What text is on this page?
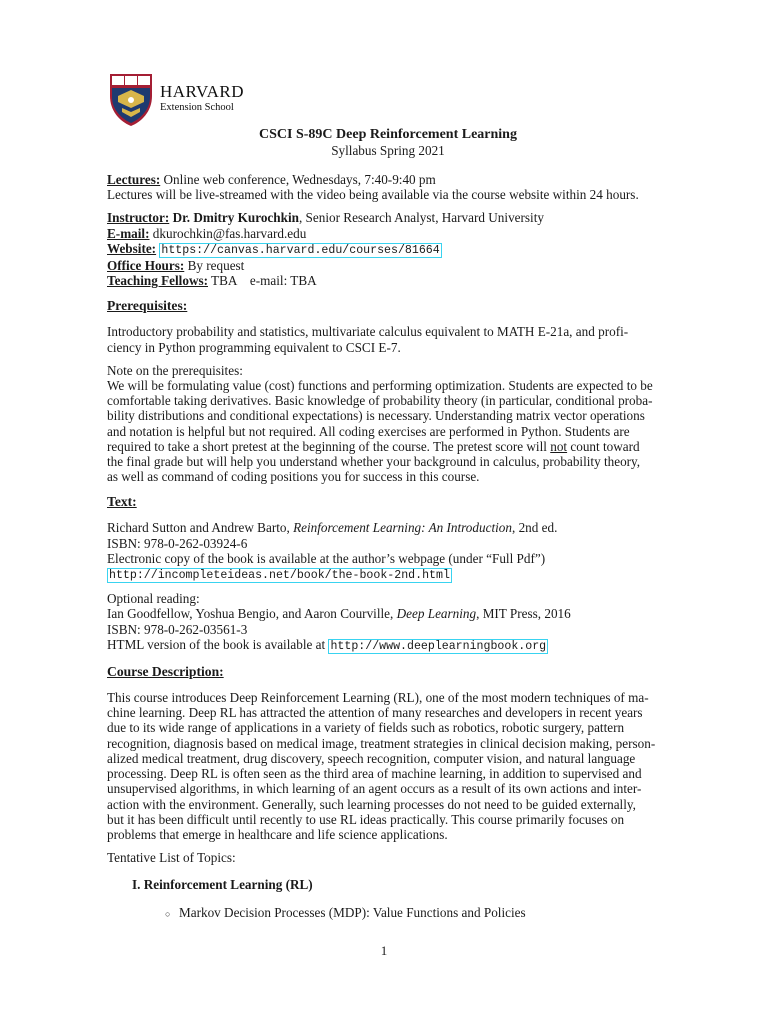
HARVARD
Extension School
CSCI S-89C Deep Reinforcement Learning
Syllabus Spring 2021
Lectures: Online web conference, Wednesdays, 7:40-9:40 pm
Lectures will be live-streamed with the video being available via the course website within 24 hours.
Instructor: Dr. Dmitry Kurochkin, Senior Research Analyst, Harvard University
E-mail: dkurochkin@fas.harvard.edu
Website: https://canvas.harvard.edu/courses/81664
Office Hours: By request
Teaching Fellows: TBA    e-mail: TBA
Prerequisites:
Introductory probability and statistics, multivariate calculus equivalent to MATH E-21a, and profi-
ciency in Python programming equivalent to CSCI E-7.
Note on the prerequisites:
We will be formulating value (cost) functions and performing optimization. Students are expected to be
comfortable taking derivatives. Basic knowledge of probability theory (in particular, conditional proba-
bility distributions and conditional expectations) is necessary. Understanding matrix vector operations
and notation is helpful but not required. All coding exercises are performed in Python. Students are
required to take a short pretest at the beginning of the course. The pretest score will not count toward
the final grade but will help you understand whether your background in calculus, probability theory,
as well as command of coding positions you for success in this course.
Text:
Richard Sutton and Andrew Barto, Reinforcement Learning: An Introduction, 2nd ed.
ISBN: 978-0-262-03924-6
Electronic copy of the book is available at the author’s webpage (under “Full Pdf”)
http://incompleteideas.net/book/the-book-2nd.html
Optional reading:
Ian Goodfellow, Yoshua Bengio, and Aaron Courville, Deep Learning, MIT Press, 2016
ISBN: 978-0-262-03561-3
HTML version of the book is available at http://www.deeplearningbook.org
Course Description:
This course introduces Deep Reinforcement Learning (RL), one of the most modern techniques of ma-
chine learning. Deep RL has attracted the attention of many researches and developers in recent years
due to its wide range of applications in a variety of fields such as robotics, robotic surgery, pattern
recognition, diagnosis based on medical image, treatment strategies in clinical decision making, person-
alized medical treatment, drug discovery, speech recognition, computer vision, and natural language
processing. Deep RL is often seen as the third area of machine learning, in addition to supervised and
unsupervised algorithms, in which learning of an agent occurs as a result of its own actions and inter-
action with the environment. Generally, such learning processes do not need to be guided externally,
but it has been difficult until recently to use RL ideas practically. This course primarily focuses on
problems that emerge in healthcare and life science applications.
Tentative List of Topics:
I. Reinforcement Learning (RL)
○ Markov Decision Processes (MDP): Value Functions and Policies
1
